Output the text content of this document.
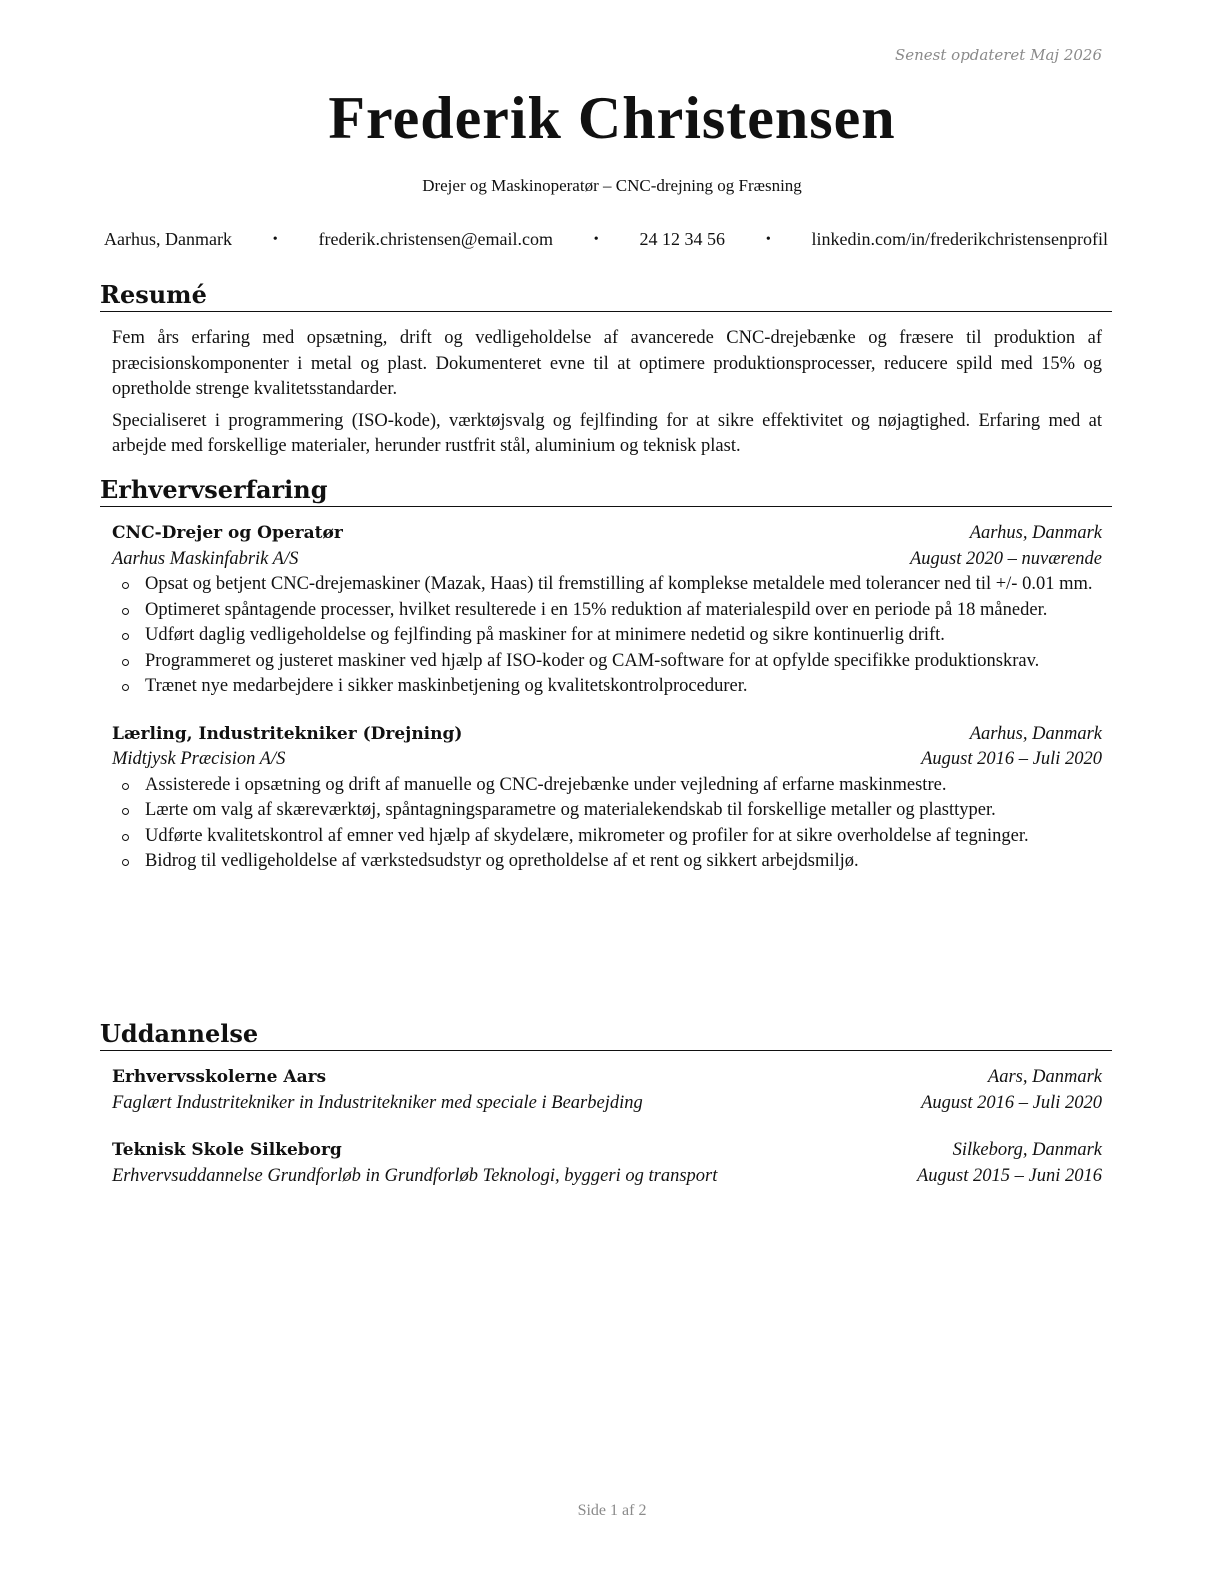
Senest opdateret Maj 2026
Frederik Christensen
Drejer og Maskinoperatør – CNC-drejning og Fræsning
Aarhus, Danmark	• frederik.christensen@email.com	• 24 12 34 56	• linkedin.com/in/frederikchristensenprofil
Resumé
Fem års erfaring med opsætning, drift og vedligeholdelse af avancerede CNC-drejebænke og fræsere til produktion af præcisionskomponenter i metal og plast. Dokumenteret evne til at optimere produktionsprocesser, reducere spild med 15% og opretholde strenge kvalitetsstandarder.
Specialiseret i programmering (ISO-kode), værktøjsvalg og fejlfinding for at sikre effektivitet og nøjagtighed. Erfaring med at arbejde med forskellige materialer, herunder rustfrit stål, aluminium og teknisk plast.
Erhvervserfaring
CNC-Drejer og Operatør	Aarhus, Danmark
Aarhus Maskinfabrik A/S	August 2020 – nuværende
Opsat og betjent CNC-drejemaskiner (Mazak, Haas) til fremstilling af komplekse metaldele med tolerancer ned til +/- 0.01 mm.
Optimeret spåntagende processer, hvilket resulterede i en 15% reduktion af materialespild over en periode på 18 måneder.
Udført daglig vedligeholdelse og fejlfinding på maskiner for at minimere nedetid og sikre kontinuerlig drift.
Programmeret og justeret maskiner ved hjælp af ISO-koder og CAM-software for at opfylde specifikke produktionskrav.
Trænet nye medarbejdere i sikker maskinbetjening og kvalitetskontrolprocedurer.
Lærling, Industritekniker (Drejning)	Aarhus, Danmark
Midtjysk Præcision A/S	August 2016 – Juli 2020
Assisterede i opsætning og drift af manuelle og CNC-drejebænke under vejledning af erfarne maskinmestre.
Lærte om valg af skæreværktøj, spåntagningsparametre og materialekendskab til forskellige metaller og plasttyper.
Udførte kvalitetskontrol af emner ved hjælp af skydelære, mikrometer og profiler for at sikre overholdelse af tegninger.
Bidrog til vedligeholdelse af værkstedsudstyr og opretholdelse af et rent og sikkert arbejdsmiljø.
Uddannelse
Erhvervsskolerne Aars	Aars, Danmark
Faglært Industritekniker in Industritekniker med speciale i Bearbejding	August 2016 – Juli 2020
Teknisk Skole Silkeborg	Silkeborg, Danmark
Erhvervsuddannelse Grundforløb in Grundforløb Teknologi, byggeri og transport	August 2015 – Juni 2016
Side 1 af 2
